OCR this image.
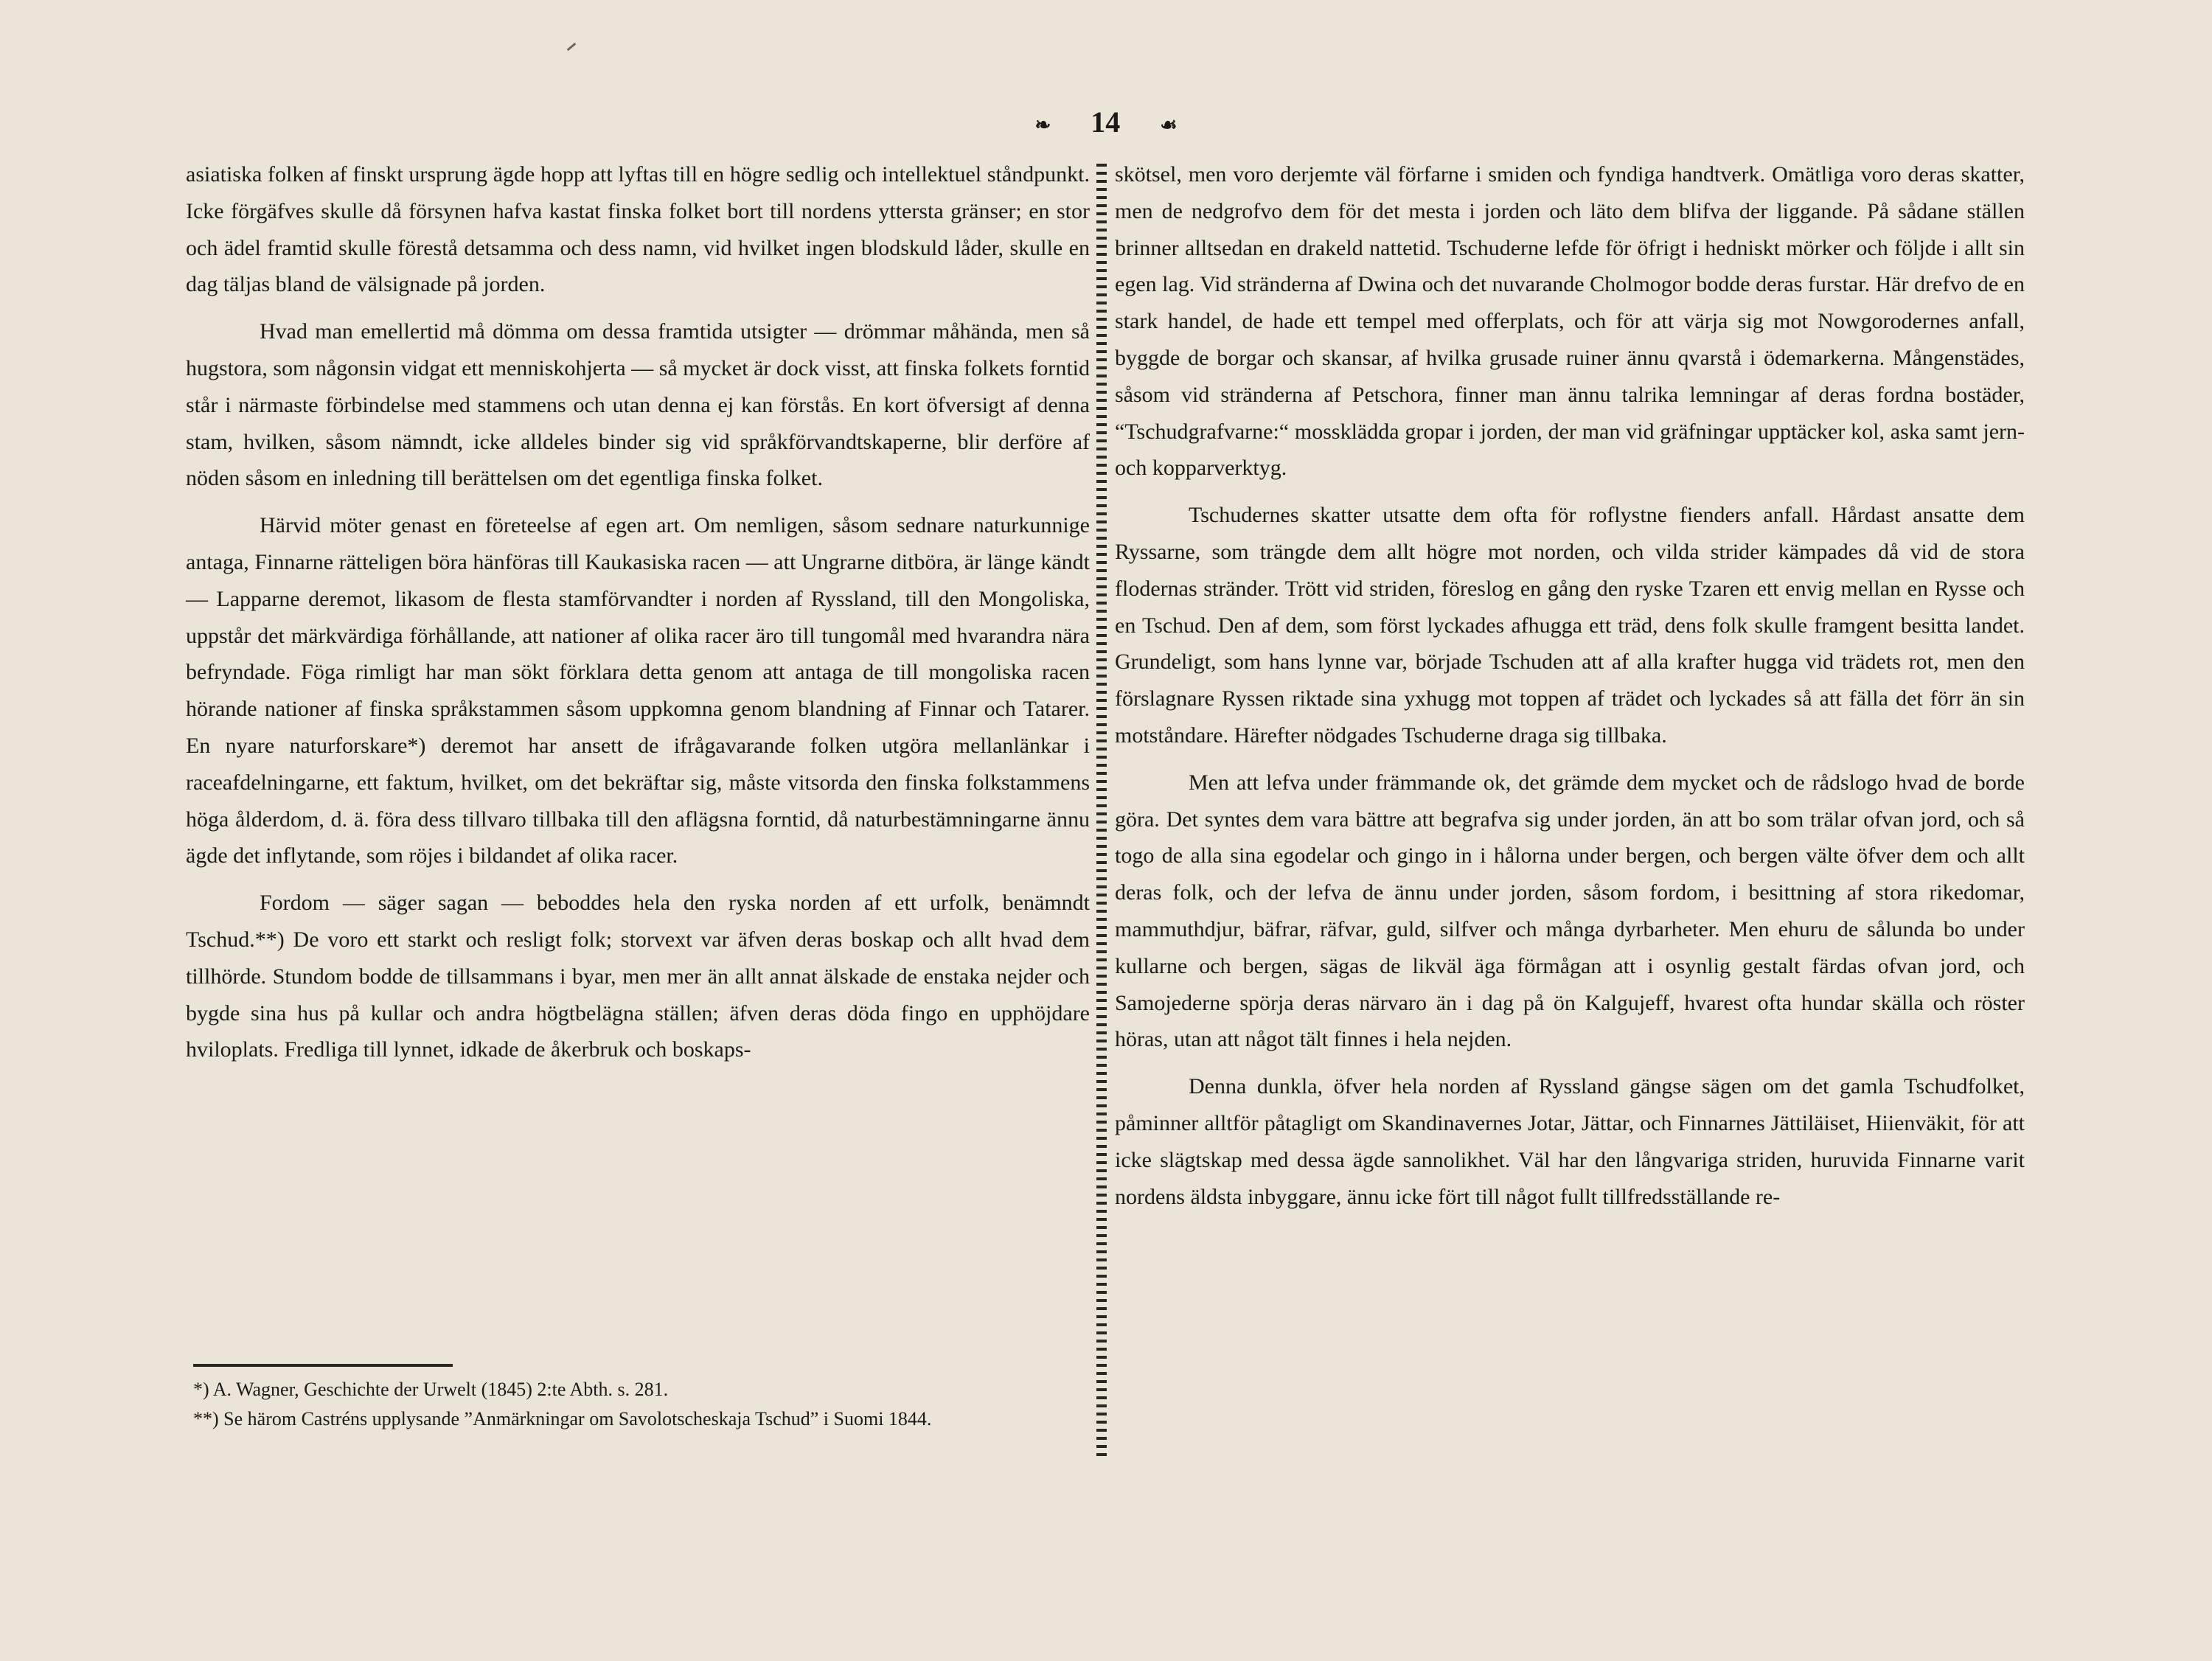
❧ 14 ☙

asiatiska folken af finskt ursprung ägde hopp att lyftas till en högre sedlig och intellektuel ståndpunkt. Icke förgäfves skulle då försynen hafva kastat finska folket bort till nordens yttersta gränser; en stor och ädel framtid skulle förestå detsamma och dess namn, vid hvilket ingen blodskuld låder, skulle en dag täljas bland de välsignade på jorden.

Hvad man emellertid må dömma om dessa framtida utsigter — drömmar måhända, men så hugstora, som någonsin vidgat ett menniskohjerta — så mycket är dock visst, att finska folkets forntid står i närmaste förbindelse med stammens och utan denna ej kan förstås. En kort öfversigt af denna stam, hvilken, såsom nämndt, icke alldeles binder sig vid språkförvandtskaperne, blir derföre af nöden såsom en inledning till berättelsen om det egentliga finska folket.

Härvid möter genast en företeelse af egen art. Om nemligen, såsom sednare naturkunnige antaga, Finnarne rätteligen böra hänföras till Kaukasiska racen — att Ungrarne ditböra, är länge kändt — Lapparne deremot, likasom de flesta stamförvandter i norden af Ryssland, till den Mongoliska, uppstår det märkvärdiga förhållande, att nationer af olika racer äro till tungomål med hvarandra nära befryndade. Föga rimligt har man sökt förklara detta genom att antaga de till mongoliska racen hörande nationer af finska språkstammen såsom uppkomna genom blandning af Finnar och Tatarer. En nyare naturforskare*) deremot har ansett de ifrågavarande folken utgöra mellanlänkar i raceafdelningarne, ett faktum, hvilket, om det bekräftar sig, måste vitsorda den finska folkstammens höga ålderdom, d. ä. föra dess tillvaro tillbaka till den aflägsna forntid, då naturbestämningarne ännu ägde det inflytande, som röjes i bildandet af olika racer.

Fordom — säger sagan — beboddes hela den ryska norden af ett urfolk, benämndt Tschud.**) De voro ett starkt och resligt folk; storvext var äfven deras boskap och allt hvad dem tillhörde. Stundom bodde de tillsammans i byar, men mer än allt annat älskade de enstaka nejder och bygde sina hus på kullar och andra högtbelägna ställen; äfven deras döda fingo en upphöjdare hviloplats. Fredliga till lynnet, idkade de åkerbruk och boskaps-

skötsel, men voro derjemte väl förfarne i smiden och fyndiga handtverk. Omätliga voro deras skatter, men de nedgrofvo dem för det mesta i jorden och läto dem blifva der liggande. På sådane ställen brinner alltsedan en drakeld nattetid. Tschuderne lefde för öfrigt i hedniskt mörker och följde i allt sin egen lag. Vid stränderna af Dwina och det nuvarande Cholmogor bodde deras furstar. Här drefvo de en stark handel, de hade ett tempel med offerplats, och för att värja sig mot Nowgorodernes anfall, byggde de borgar och skansar, af hvilka grusade ruiner ännu qvarstå i ödemarkerna. Mångenstädes, såsom vid stränderna af Petschora, finner man ännu talrika lemningar af deras fordna bostäder, “Tschudgrafvarne:“ mossklädda gropar i jorden, der man vid gräfningar upptäcker kol, aska samt jern- och kopparverktyg.

Tschudernes skatter utsatte dem ofta för roflystne fienders anfall. Hårdast ansatte dem Ryssarne, som trängde dem allt högre mot norden, och vilda strider kämpades då vid de stora flodernas stränder. Trött vid striden, föreslog en gång den ryske Tzaren ett envig mellan en Rysse och en Tschud. Den af dem, som först lyckades afhugga ett träd, dens folk skulle framgent besitta landet. Grundeligt, som hans lynne var, började Tschuden att af alla krafter hugga vid trädets rot, men den förslagnare Ryssen riktade sina yxhugg mot toppen af trädet och lyckades så att fälla det förr än sin motståndare. Härefter nödgades Tschuderne draga sig tillbaka.

Men att lefva under främmande ok, det grämde dem mycket och de rådslogo hvad de borde göra. Det syntes dem vara bättre att begrafva sig under jorden, än att bo som trälar ofvan jord, och så togo de alla sina egodelar och gingo in i hålorna under bergen, och bergen välte öfver dem och allt deras folk, och der lefva de ännu under jorden, såsom fordom, i besittning af stora rikedomar, mammuthdjur, bäfrar, räfvar, guld, silfver och många dyrbarheter. Men ehuru de sålunda bo under kullarne och bergen, sägas de likväl äga förmågan att i osynlig gestalt färdas ofvan jord, och Samojederne spörja deras närvaro än i dag på ön Kalgujeff, hvarest ofta hundar skälla och röster höras, utan att något tält finnes i hela nejden.

Denna dunkla, öfver hela norden af Ryssland gängse sägen om det gamla Tschudfolket, påminner alltför påtagligt om Skandinavernes Jotar, Jättar, och Finnarnes Jättiläiset, Hiienväkit, för att icke slägtskap med dessa ägde sannolikhet. Väl har den långvariga striden, huruvida Finnarne varit nordens äldsta inbyggare, ännu icke fört till något fullt tillfredsställande re-

*) A. Wagner, Geschichte der Urwelt (1845) 2:te Abth. s. 281.

**) Se härom Castréns upplysande ”Anmärkningar om Savolotscheskaja Tschud” i Suomi 1844.
